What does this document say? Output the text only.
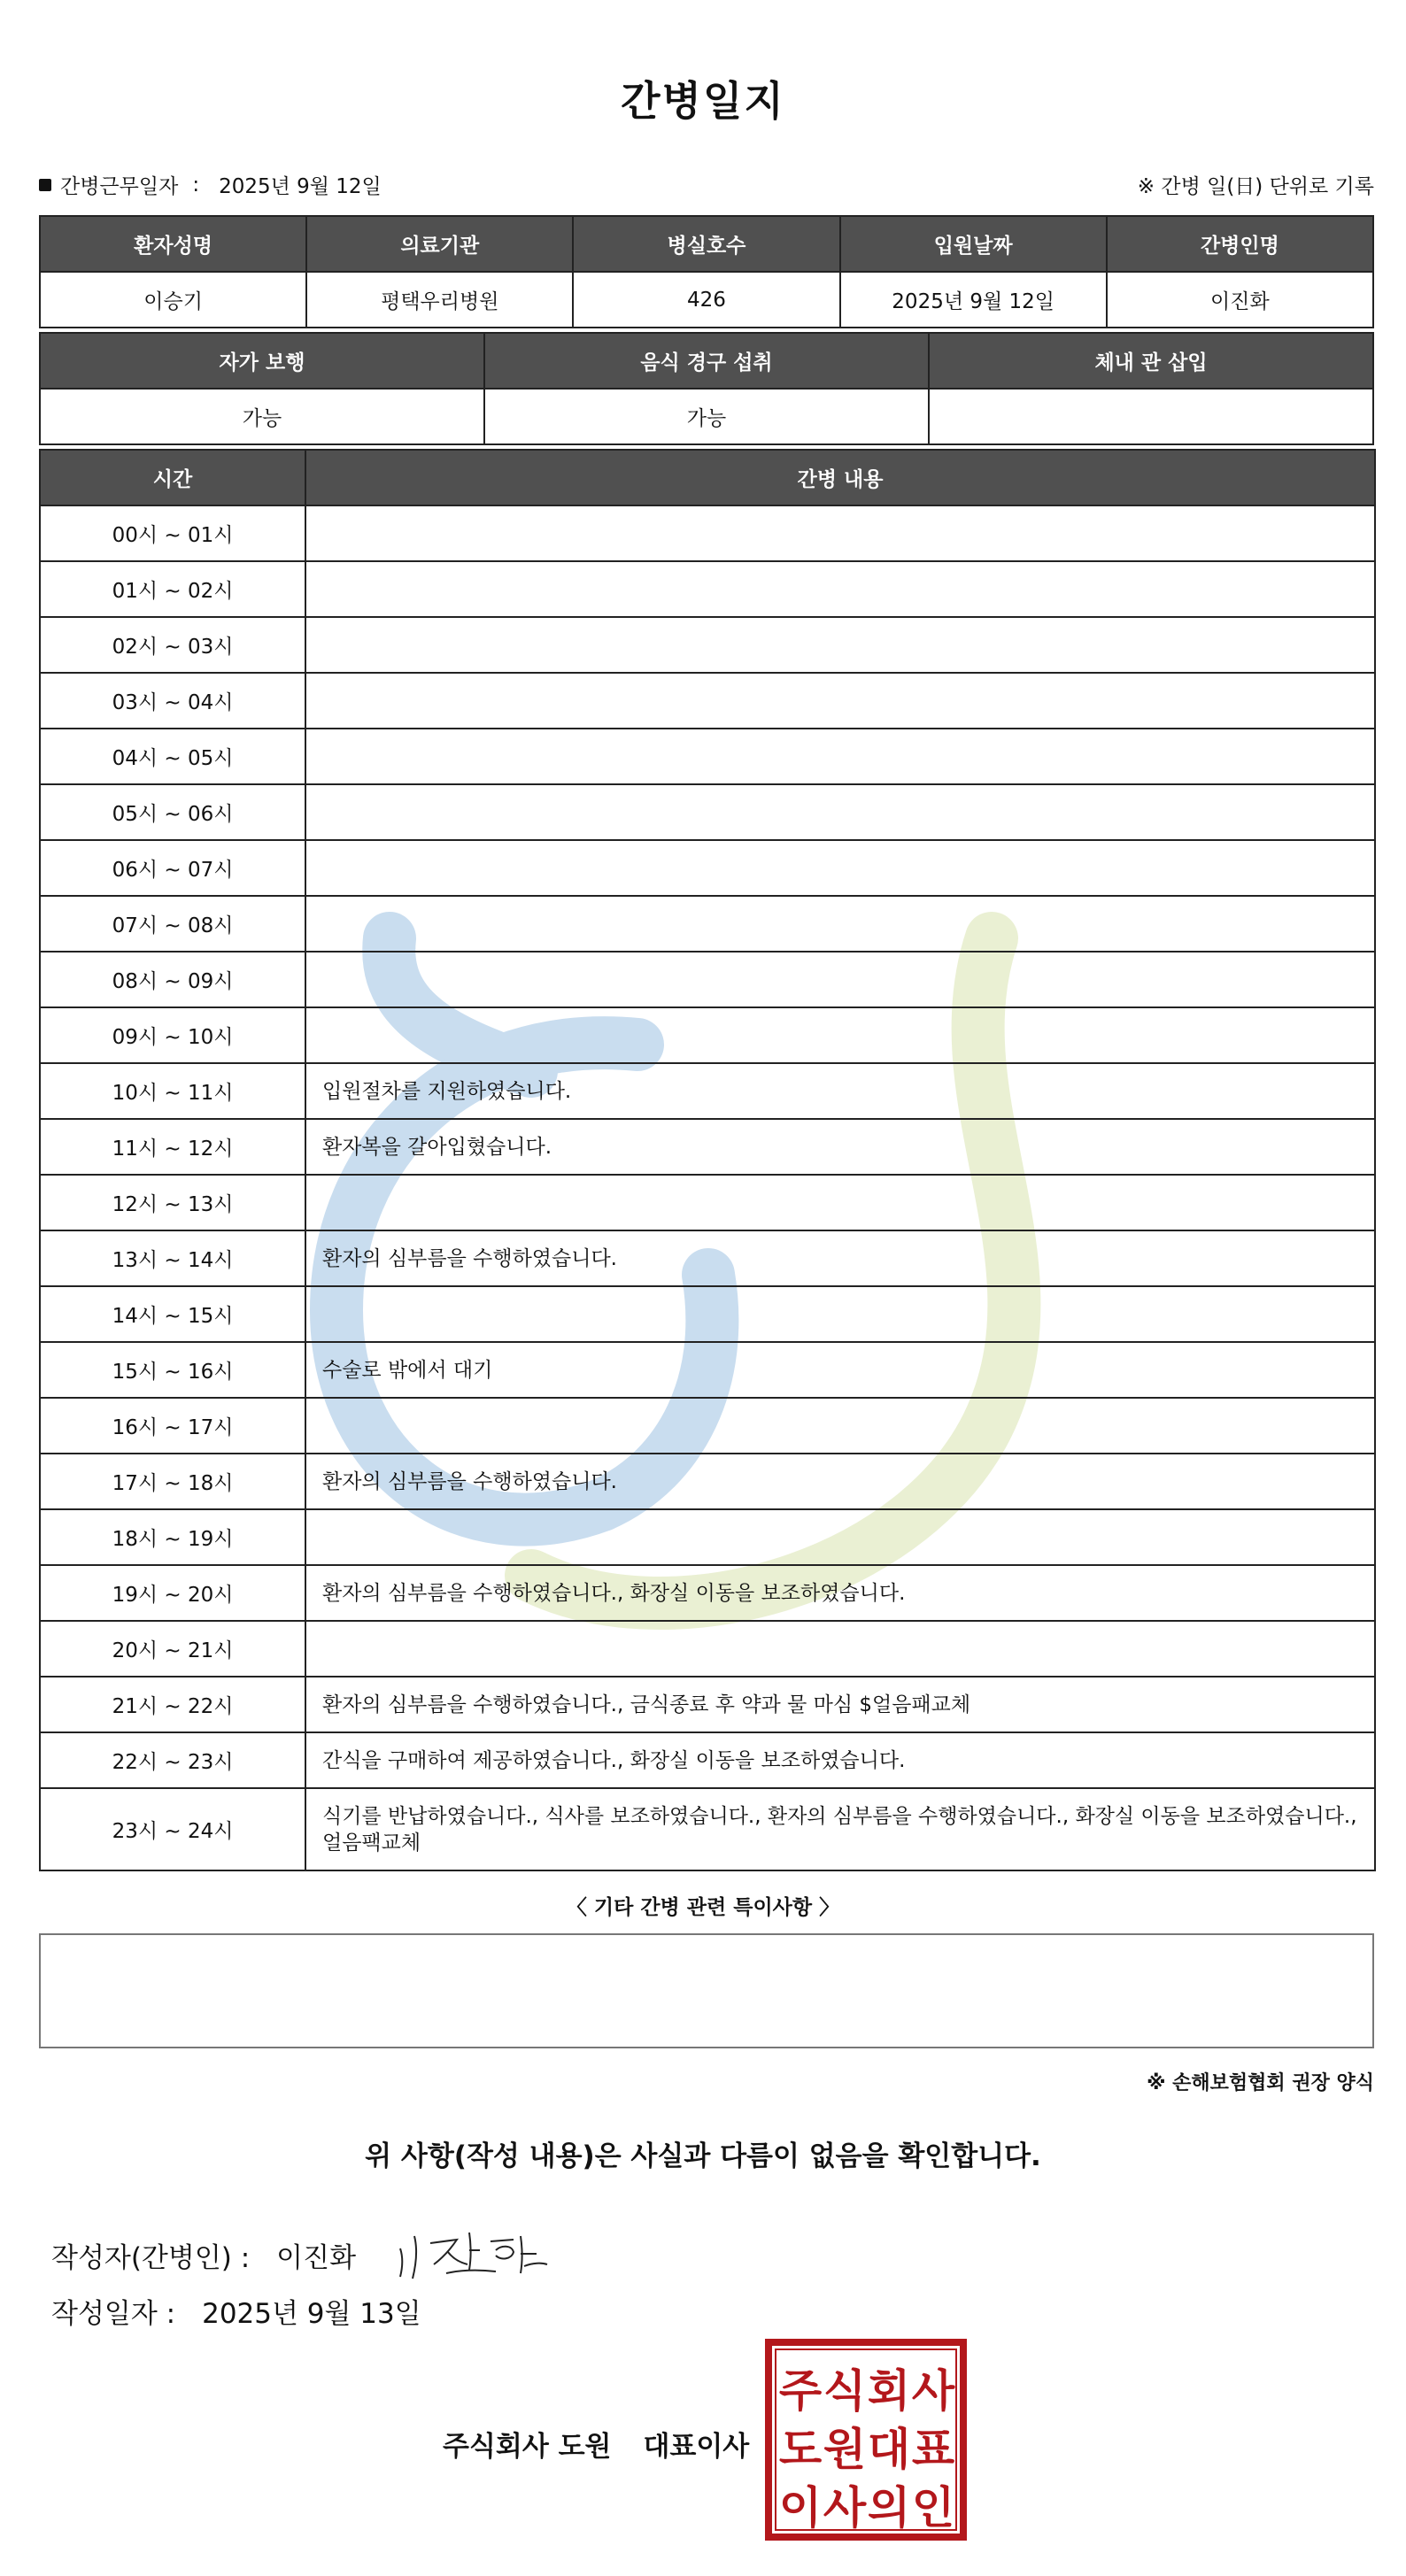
간병일지
간병근무일자 : 2025년 9월 12일	※ 간병 일(日) 단위로 기록
환자성명	의료기관	병실호수	입원날짜	간병인명
이승기	평택우리병원	426	2025년 9월 12일	이진화
자가 보행	음식 경구 섭취	체내 관 삽입
가능	가능	
시간	간병 내용
00시 ~ 01시	
01시 ~ 02시	
02시 ~ 03시	
03시 ~ 04시	
04시 ~ 05시	
05시 ~ 06시	
06시 ~ 07시	
07시 ~ 08시	
08시 ~ 09시	
09시 ~ 10시	
10시 ~ 11시	입원절차를 지원하였습니다.
11시 ~ 12시	환자복을 갈아입혔습니다.
12시 ~ 13시	
13시 ~ 14시	환자의 심부름을 수행하였습니다.
14시 ~ 15시	
15시 ~ 16시	수술로 밖에서 대기
16시 ~ 17시	
17시 ~ 18시	환자의 심부름을 수행하였습니다.
18시 ~ 19시	
19시 ~ 20시	환자의 심부름을 수행하였습니다., 화장실 이동을 보조하였습니다.
20시 ~ 21시	
21시 ~ 22시	환자의 심부름을 수행하였습니다., 금식종료 후 약과 물 마심 $얼음패교체
22시 ~ 23시	간식을 구매하여 제공하였습니다., 화장실 이동을 보조하였습니다.
23시 ~ 24시	식기를 반납하였습니다., 식사를 보조하였습니다., 환자의 심부름을 수행하였습니다., 화장실 이동을 보조하였습니다., 얼음팩교체
〈 기타 간병 관련 특이사항 〉
※ 손해보험협회 권장 양식
위 사항(작성 내용)은 사실과 다름이 없음을 확인합니다.
작성자(간병인) : 이진화
작성일자 : 2025년 9월 13일
주식회사 도원 대표이사
주 식 회 사
도 원 대 표
이 사 의 인
